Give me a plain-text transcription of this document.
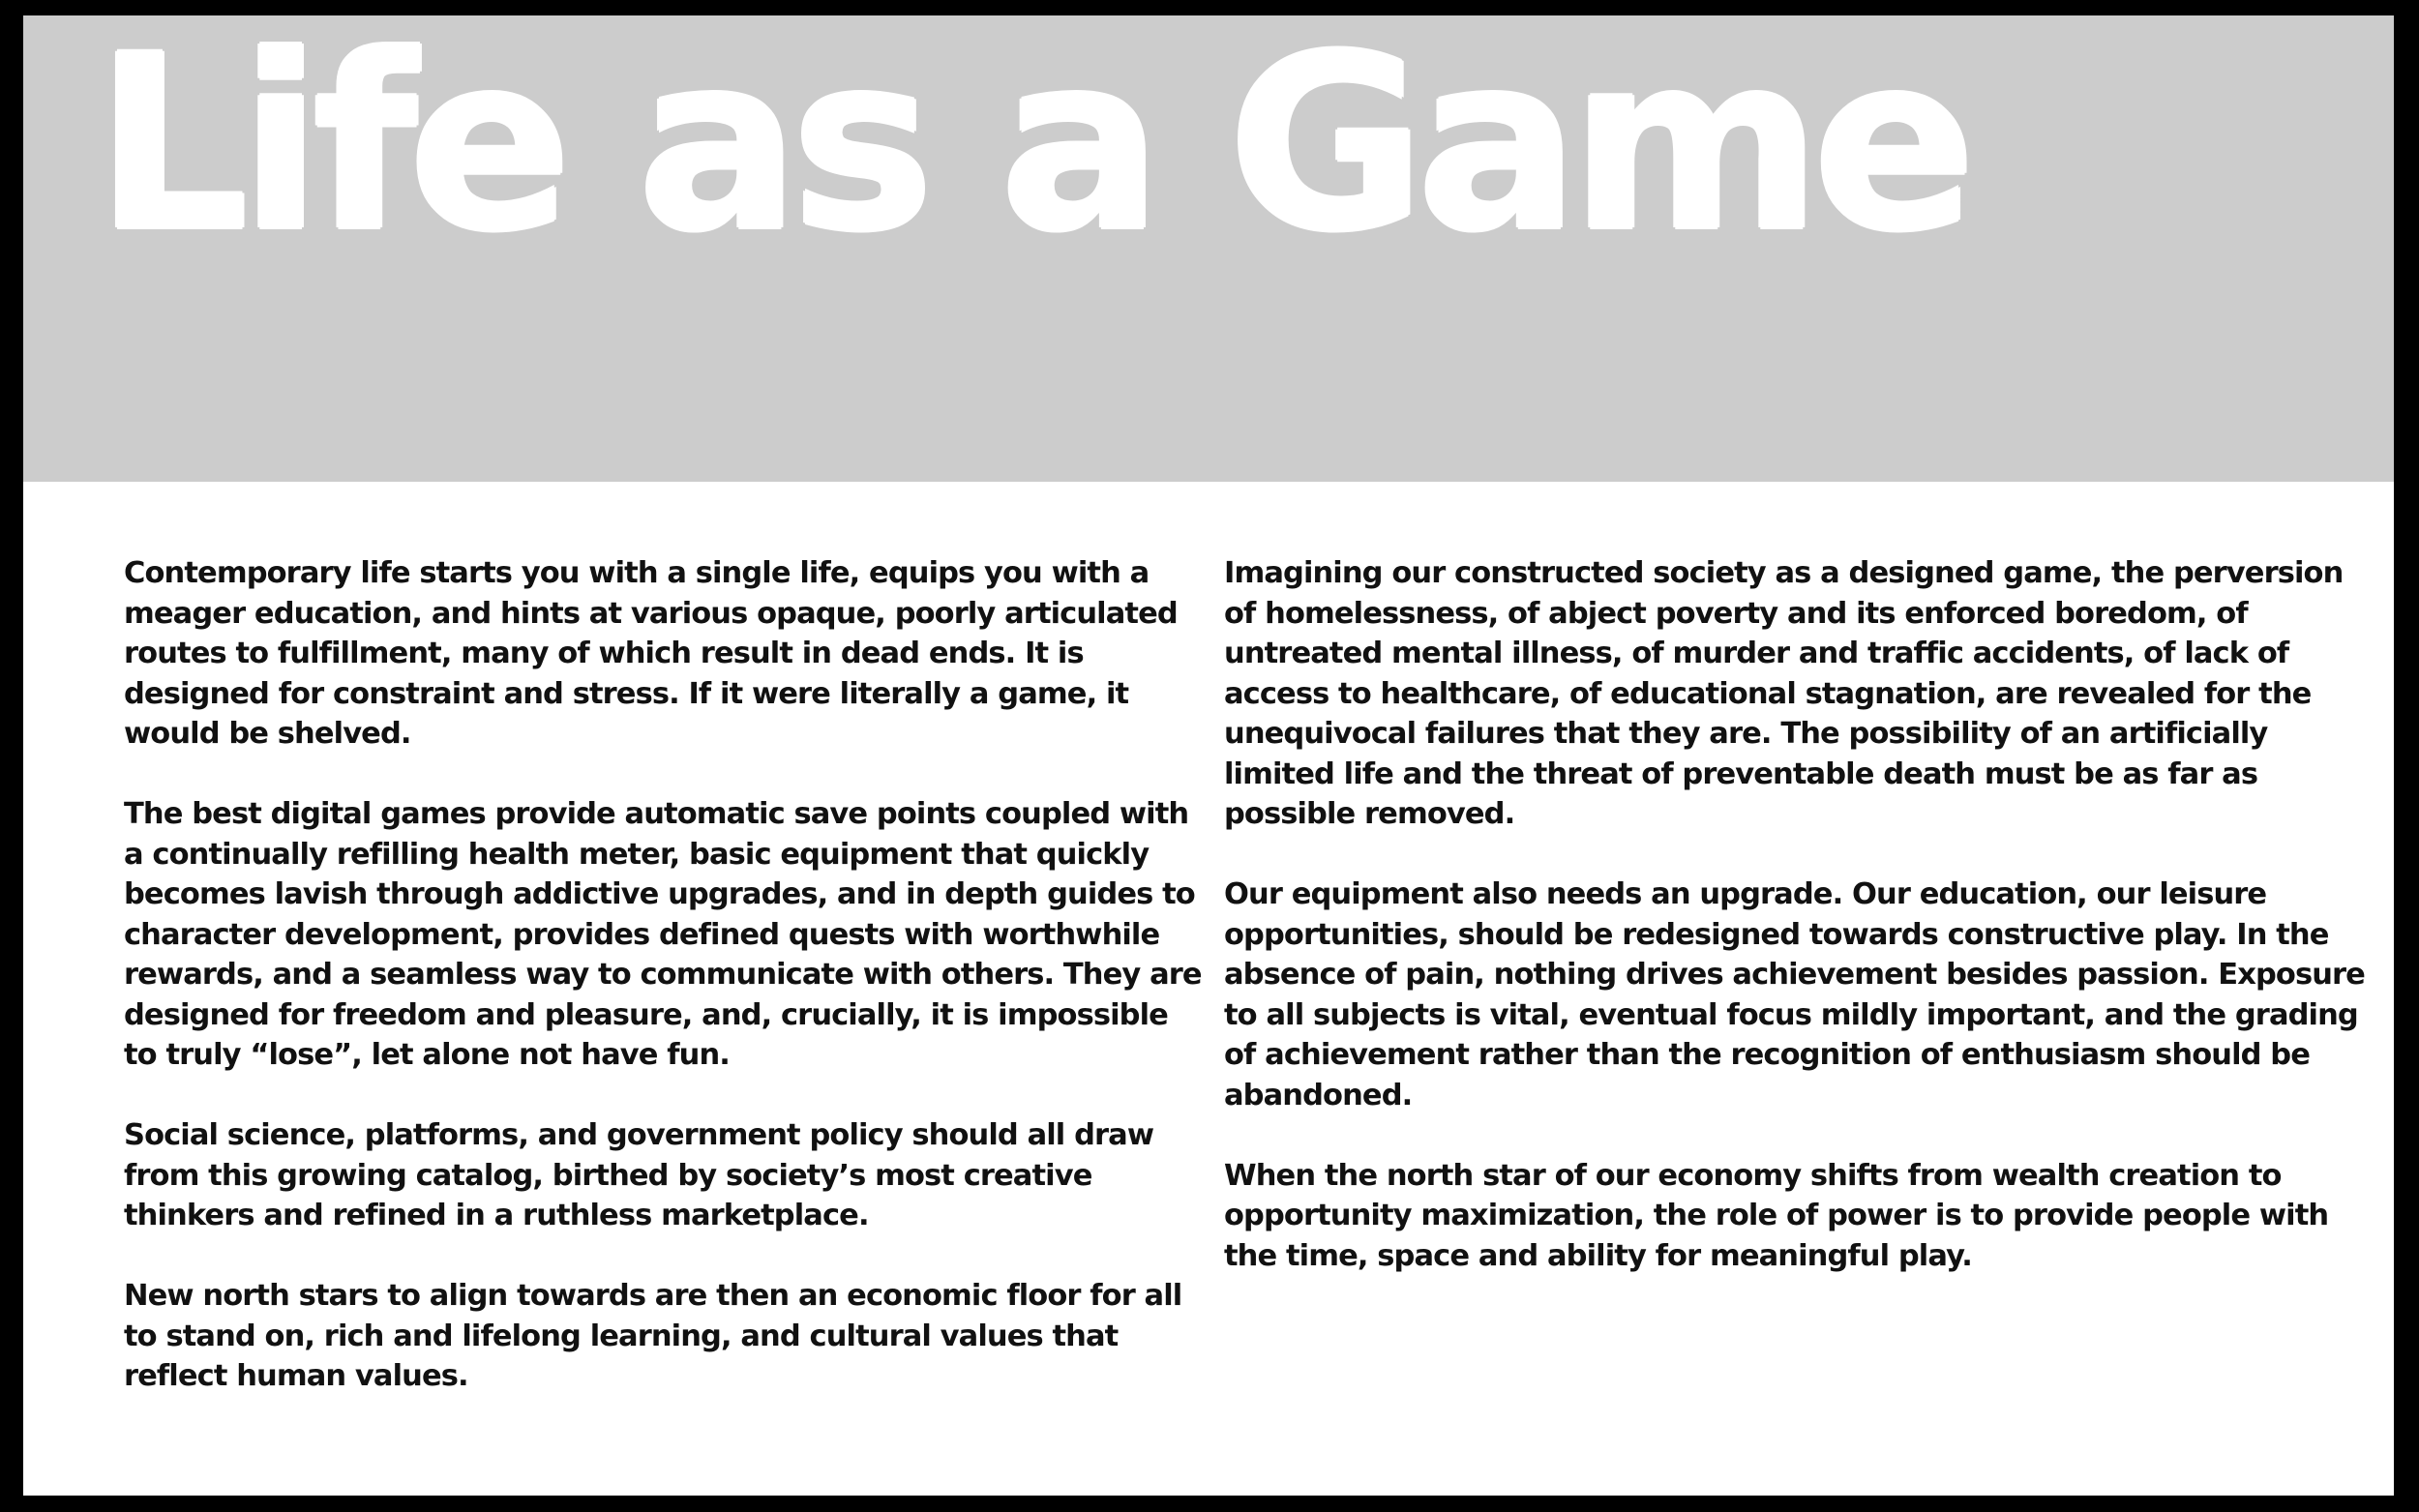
Life as a Game

Contemporary life starts you with a single life, equips you with a meager education, and hints at various opaque, poorly articulated routes to fulfillment, many of which result in dead ends. It is designed for constraint and stress. If it were literally a game, it would be shelved.

The best digital games provide automatic save points coupled with a continually refilling health meter, basic equipment that quickly becomes lavish through addictive upgrades, and in depth guides to character development, provides defined quests with worthwhile rewards, and a seamless way to communicate with others. They are designed for freedom and pleasure, and, crucially, it is impossible to truly “lose”, let alone not have fun.

Social science, platforms, and government policy should all draw from this growing catalog, birthed by society’s most creative thinkers and refined in a ruthless marketplace.

New north stars to align towards are then an economic floor for all to stand on, rich and lifelong learning, and cultural values that reflect human values.

Imagining our constructed society as a designed game, the perversion of homelessness, of abject poverty and its enforced boredom, of untreated mental illness, of murder and traffic accidents, of lack of access to healthcare, of educational stagnation, are revealed for the unequivocal failures that they are. The possibility of an artificially limited life and the threat of preventable death must be as far as possible removed.

Our equipment also needs an upgrade. Our education, our leisure opportunities, should be redesigned towards constructive play. In the absence of pain, nothing drives achievement besides passion. Exposure to all subjects is vital, eventual focus mildly important, and the grading of achievement rather than the recognition of enthusiasm should be abandoned.

When the north star of our economy shifts from wealth creation to opportunity maximization, the role of power is to provide people with the time, space and ability for meaningful play.
